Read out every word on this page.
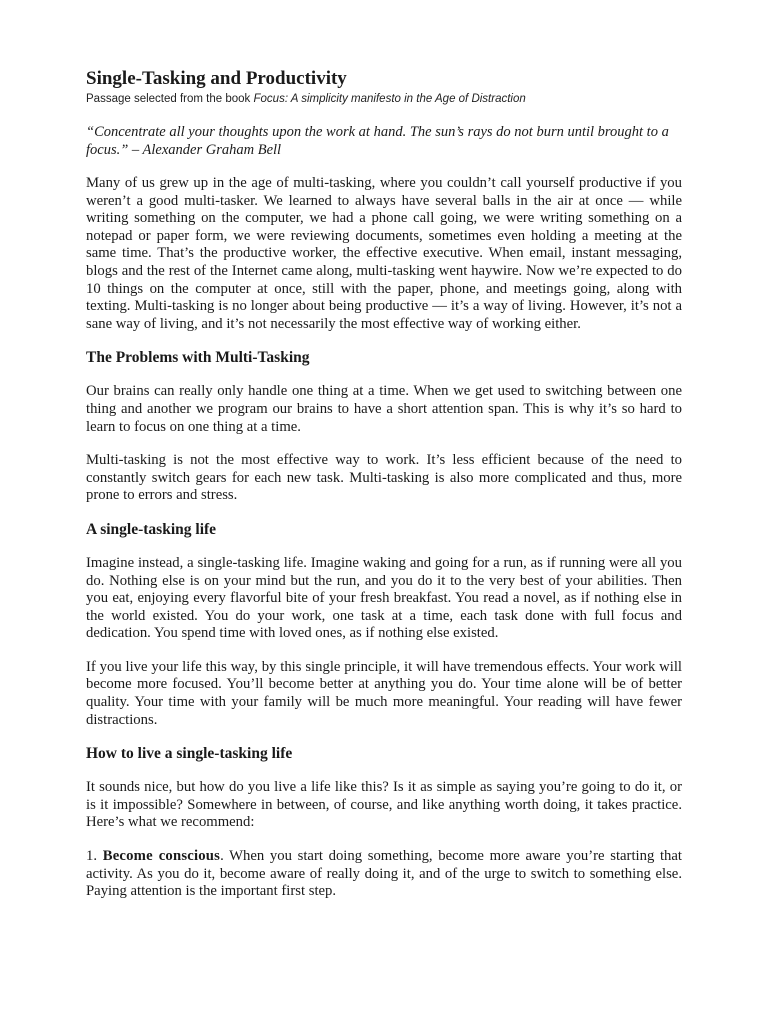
Single-Tasking and Productivity
Passage selected from the book Focus: A simplicity manifesto in the Age of Distraction

“Concentrate all your thoughts upon the work at hand. The sun’s rays do not burn until brought to a focus.” – Alexander Graham Bell

Many of us grew up in the age of multi-tasking, where you couldn’t call yourself productive if you weren’t a good multi-tasker. We learned to always have several balls in the air at once — while writing something on the computer, we had a phone call going, we were writing something on a notepad or paper form, we were reviewing documents, sometimes even holding a meeting at the same time. That’s the productive worker, the effective executive. When email, instant messaging, blogs and the rest of the Internet came along, multi-tasking went haywire. Now we’re expected to do 10 things on the computer at once, still with the paper, phone, and meetings going, along with texting. Multi-tasking is no longer about being productive — it’s a way of living. However, it’s not a sane way of living, and it’s not necessarily the most effective way of working either.

The Problems with Multi-Tasking

Our brains can really only handle one thing at a time. When we get used to switching between one thing and another we program our brains to have a short attention span. This is why it’s so hard to learn to focus on one thing at a time.

Multi-tasking is not the most effective way to work. It’s less efficient because of the need to constantly switch gears for each new task. Multi-tasking is also more complicated and thus, more prone to errors and stress.

A single-tasking life

Imagine instead, a single-tasking life. Imagine waking and going for a run, as if running were all you do. Nothing else is on your mind but the run, and you do it to the very best of your abilities. Then you eat, enjoying every flavorful bite of your fresh breakfast. You read a novel, as if nothing else in the world existed. You do your work, one task at a time, each task done with full focus and dedication. You spend time with loved ones, as if nothing else existed.

If you live your life this way, by this single principle, it will have tremendous effects. Your work will become more focused. You’ll become better at anything you do. Your time alone will be of better quality. Your time with your family will be much more meaningful. Your reading will have fewer distractions.

How to live a single-tasking life

It sounds nice, but how do you live a life like this? Is it as simple as saying you’re going to do it, or is it impossible? Somewhere in between, of course, and like anything worth doing, it takes practice. Here’s what we recommend:

1. Become conscious. When you start doing something, become more aware you’re starting that activity. As you do it, become aware of really doing it, and of the urge to switch to something else. Paying attention is the important first step.
